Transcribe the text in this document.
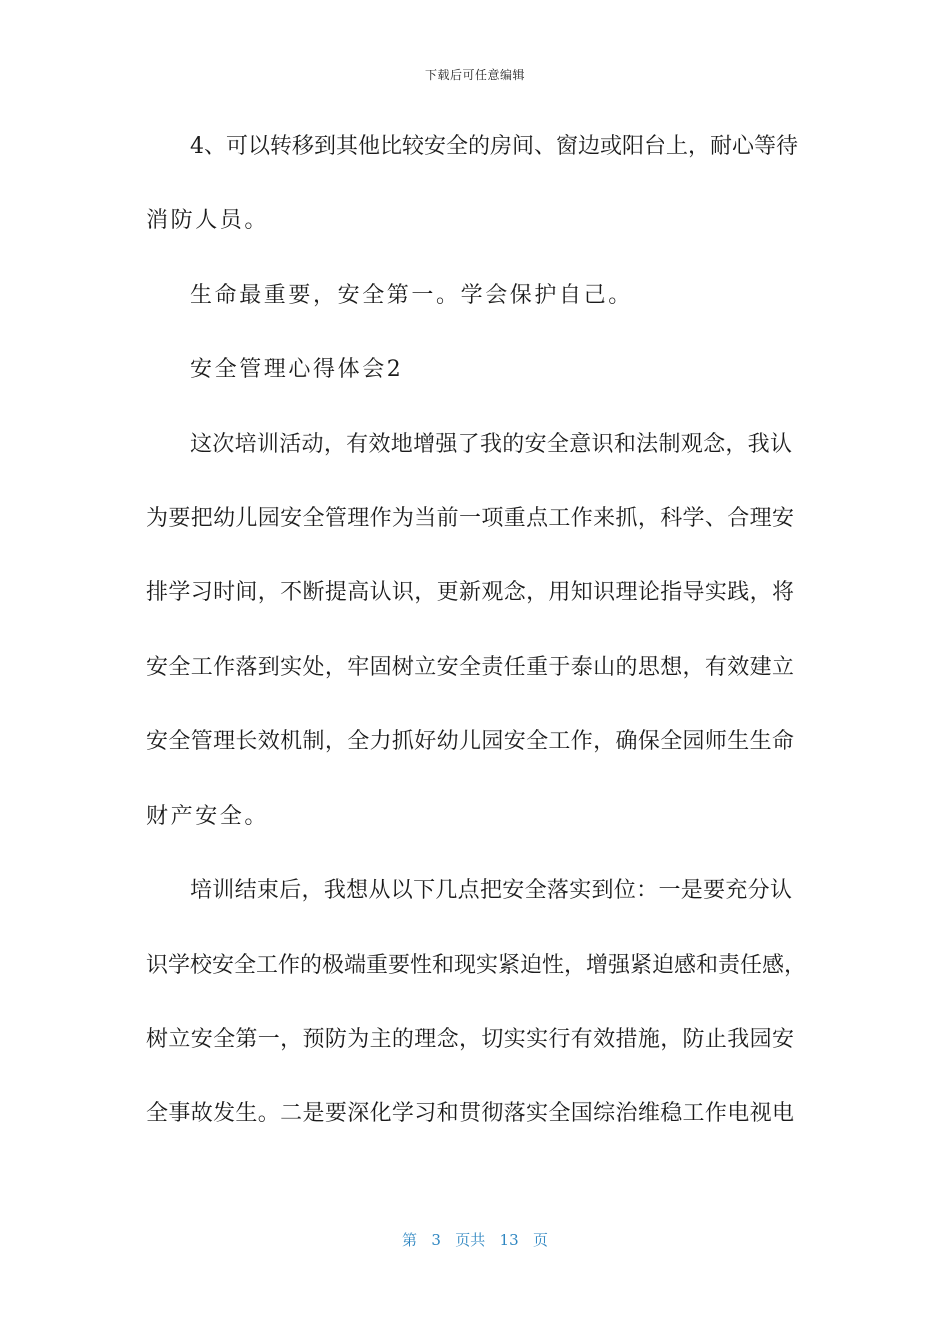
下载后可任意编辑
4、可以转移到其他比较安全的房间、窗边或阳台上，耐心等待
消防人员。
生命最重要，安全第一。学会保护自己。
安全管理心得体会2
这次培训活动，有效地增强了我的安全意识和法制观念，我认
为要把幼儿园安全管理作为当前一项重点工作来抓，科学、合理安
排学习时间，不断提高认识，更新观念，用知识理论指导实践，将
安全工作落到实处，牢固树立安全责任重于泰山的思想，有效建立
安全管理长效机制，全力抓好幼儿园安全工作，确保全园师生生命
财产安全。
培训结束后，我想从以下几点把安全落实到位：一是要充分认
识学校安全工作的极端重要性和现实紧迫性，增强紧迫感和责任感，
树立安全第一，预防为主的理念，切实实行有效措施，防止我园安
全事故发生。二是要深化学习和贯彻落实全国综治维稳工作电视电
第 3 页共 13 页
